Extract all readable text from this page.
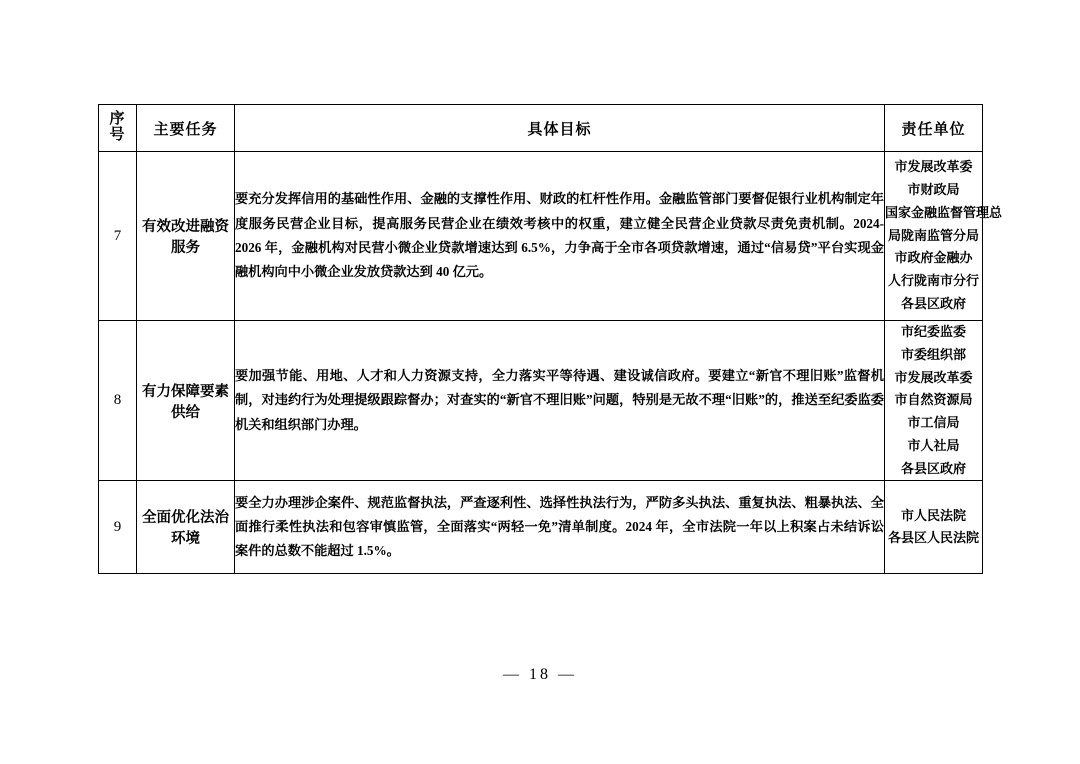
序
号	主要任务	具体目标	责任单位
7	有效改进融资服务	要充分发挥信用的基础性作用、金融的支撑性作用、财政的杠杆性作用。金融监管部门要督促银行业机构制定年度服务民营企业目标，提高服务民营企业在绩效考核中的权重，建立健全民营企业贷款尽责免责机制。2024-2026 年，金融机构对民营小微企业贷款增速达到 6.5%，力争高于全市各项贷款增速，通过“信易贷”平台实现金融机构向中小微企业发放贷款达到 40 亿元。	
市发展改革委
市财政局
国家金融监督管理总
局陇南监管分局
市政府金融办
人行陇南市分行
各县区政府

8	有力保障要素供给	要加强节能、用地、人才和人力资源支持，全力落实平等待遇、建设诚信政府。要建立“新官不理旧账”监督机制，对违约行为处理提级跟踪督办；对查实的“新官不理旧账”问题，特别是无故不理“旧账”的，推送至纪委监委机关和组织部门办理。	
市纪委监委
市委组织部
市发展改革委
市自然资源局
市工信局
市人社局
各县区政府

9	全面优化法治环境	要全力办理涉企案件、规范监督执法，严查逐利性、选择性执法行为，严防多头执法、重复执法、粗暴执法、全面推行柔性执法和包容审慎监管，全面落实“两轻一免”清单制度。2024 年，全市法院一年以上积案占未结诉讼案件的总数不能超过 1.5%。	市人民法院
各县区人民法院
— 18 —
